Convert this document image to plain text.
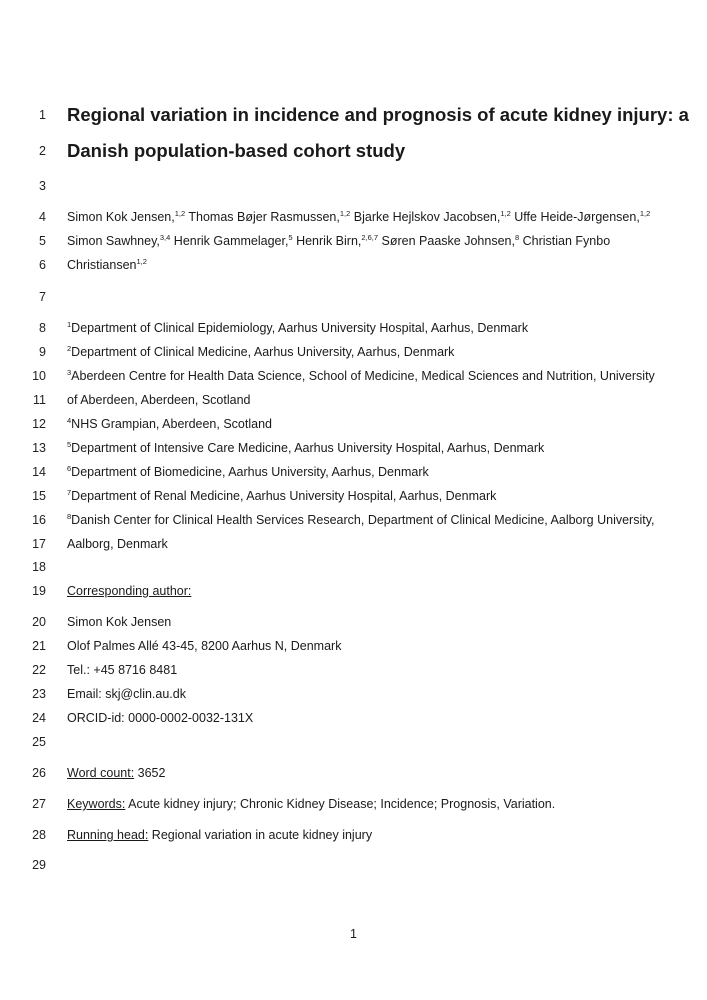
1
2
3
4
5
6
7
8
9
10
11
12
13
14
15
16
17
18
19
20
21
22
23
24
25
26
27
28
29
Regional variation in incidence and prognosis of acute kidney injury: a
Danish population-based cohort study
Simon Kok Jensen,$^{1,2}$ Thomas Bøjer Rasmussen,$^{1,2}$ Bjarke Hejlskov Jacobsen,$^{1,2}$ Uffe Heide-Jørgensen,$^{1,2}$
Simon Sawhney,$^{3,4}$ Henrik Gammelager,$^5$ Henrik Birn,$^{2,6,7}$ Søren Paaske Johnsen,$^8$ Christian Fynbo
Christiansen$^{1,2}$
$^1$Department of Clinical Epidemiology, Aarhus University Hospital, Aarhus, Denmark
$^2$Department of Clinical Medicine, Aarhus University, Aarhus, Denmark
$^3$Aberdeen Centre for Health Data Science, School of Medicine, Medical Sciences and Nutrition, University
of Aberdeen, Aberdeen, Scotland
$^4$NHS Grampian, Aberdeen, Scotland
$^5$Department of Intensive Care Medicine, Aarhus University Hospital, Aarhus, Denmark
$^6$Department of Biomedicine, Aarhus University, Aarhus, Denmark
$^7$Department of Renal Medicine, Aarhus University Hospital, Aarhus, Denmark
$^8$Danish Center for Clinical Health Services Research, Department of Clinical Medicine, Aalborg University,
Aalborg, Denmark
Corresponding author:
Simon Kok Jensen
Olof Palmes Allé 43-45, 8200 Aarhus N, Denmark
Tel.: +45 8716 8481
Email: skj@clin.au.dk
ORCID-id: 0000-0002-0032-131X
Word count: 3652
Keywords: Acute kidney injury; Chronic Kidney Disease; Incidence; Prognosis, Variation.
Running head: Regional variation in acute kidney injury
1
